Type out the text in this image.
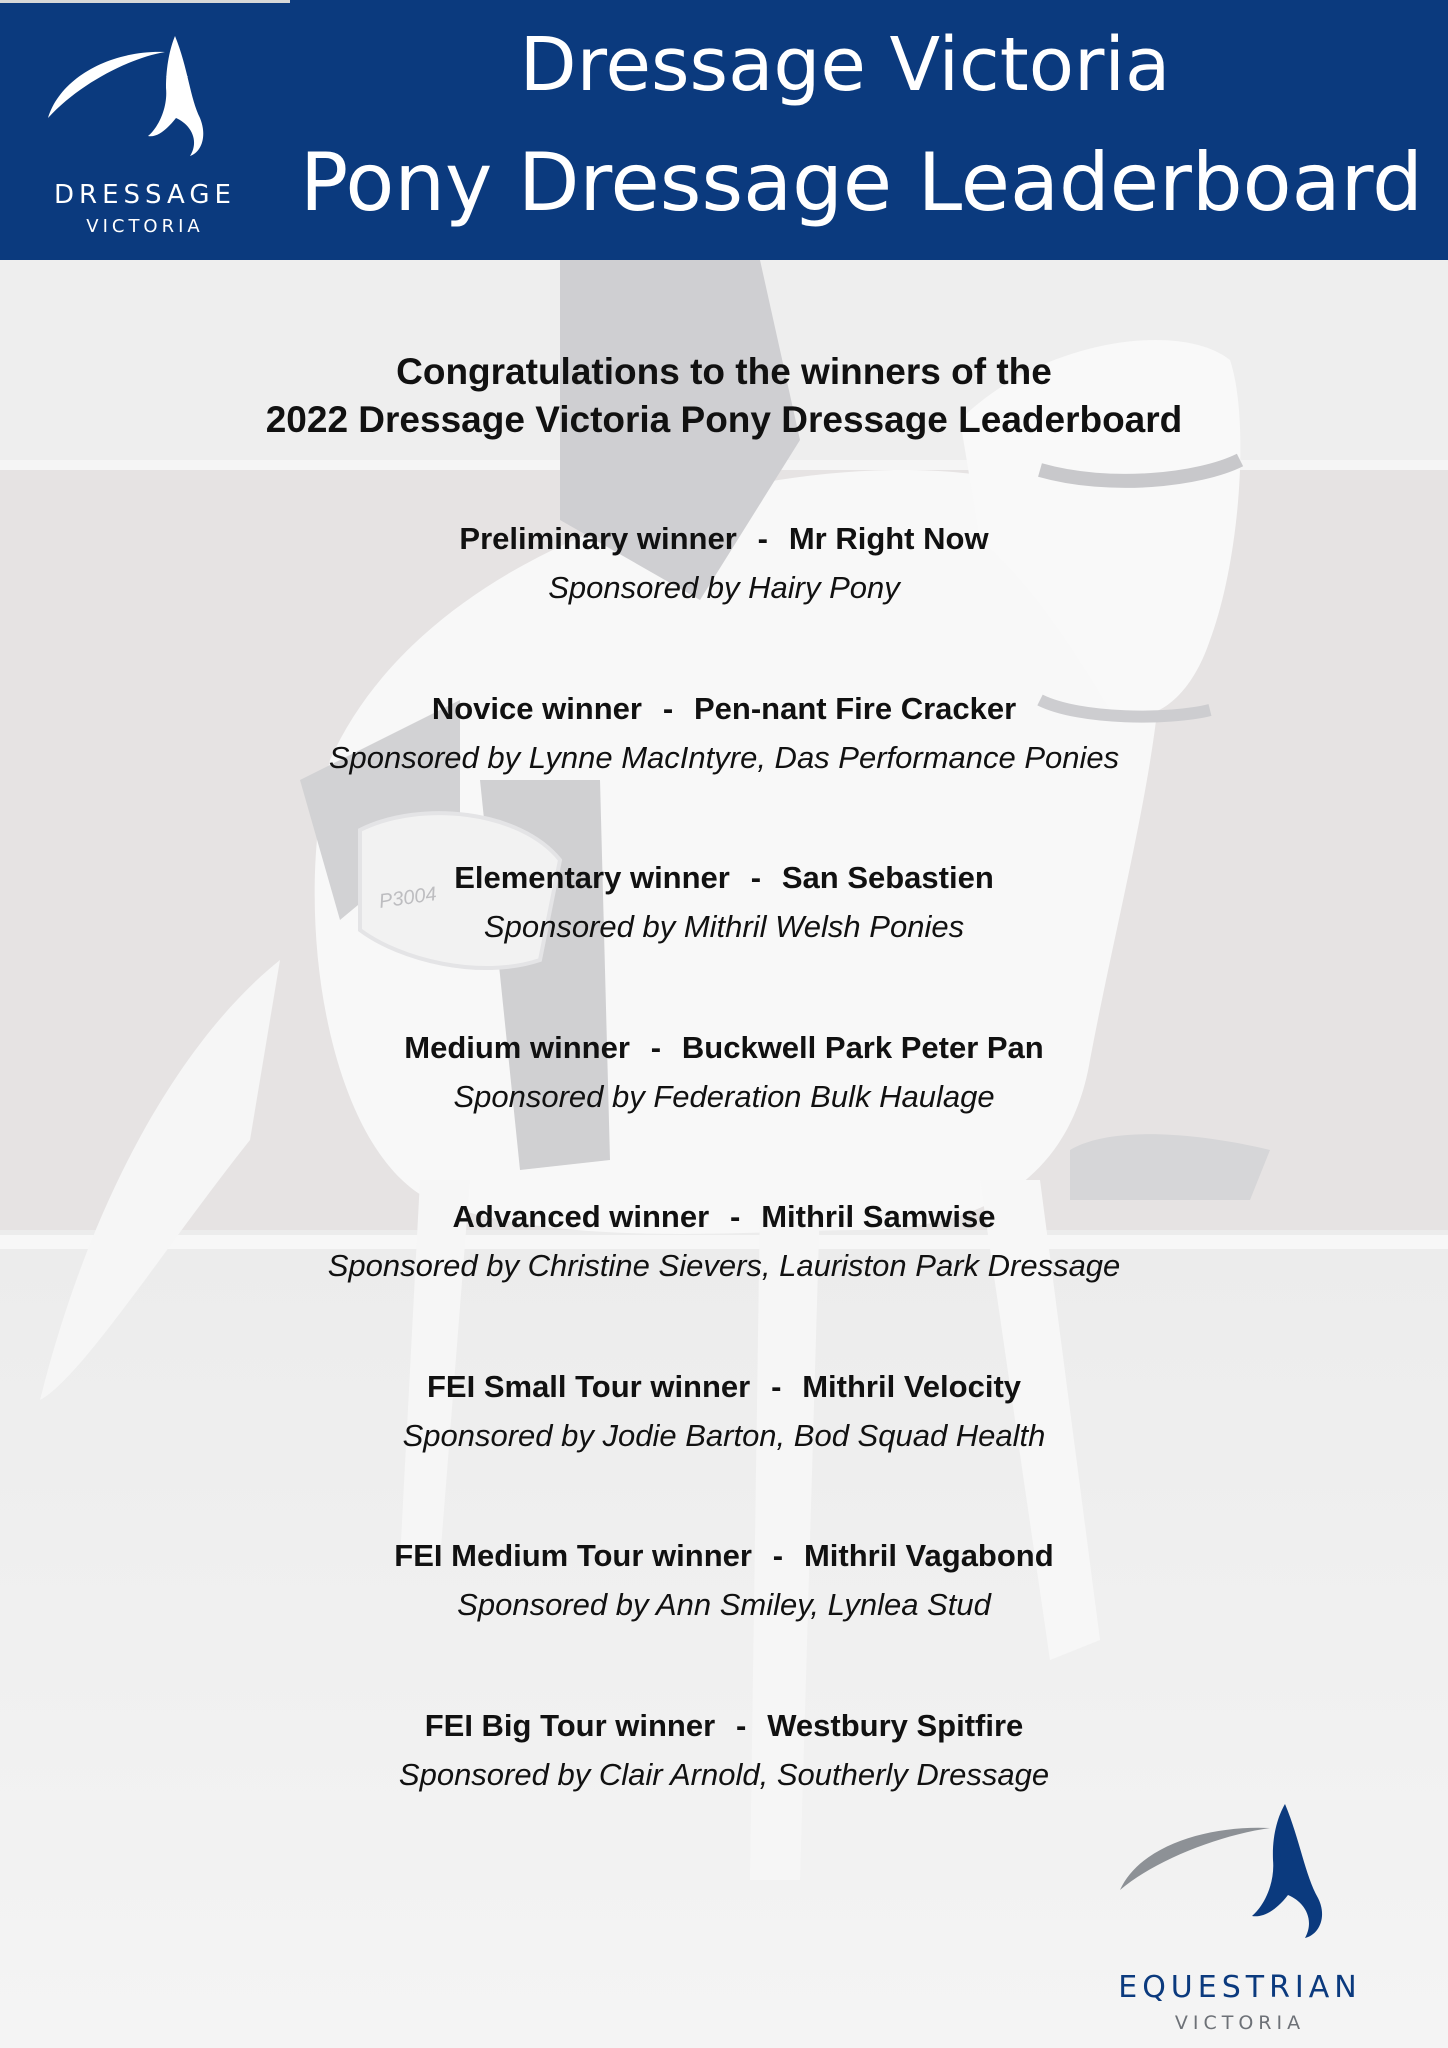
P3004
DRESSAGE
VICTORIA
Dressage Victoria
Pony Dressage Leaderboard
Congratulations to the winners of the
2022 Dressage Victoria Pony Dressage Leaderboard
Preliminary winner - Mr Right Now
Sponsored by Hairy Pony
Novice winner - Pen-nant Fire Cracker
Sponsored by Lynne MacIntyre, Das Performance Ponies
Elementary winner - San Sebastien
Sponsored by Mithril Welsh Ponies
Medium winner - Buckwell Park Peter Pan
Sponsored by Federation Bulk Haulage
Advanced winner - Mithril Samwise
Sponsored by Christine Sievers, Lauriston Park Dressage
FEI Small Tour winner - Mithril Velocity
Sponsored by Jodie Barton, Bod Squad Health
FEI Medium Tour winner - Mithril Vagabond
Sponsored by Ann Smiley, Lynlea Stud
FEI Big Tour winner - Westbury Spitfire
Sponsored by Clair Arnold, Southerly Dressage
EQUESTRIAN
VICTORIA
